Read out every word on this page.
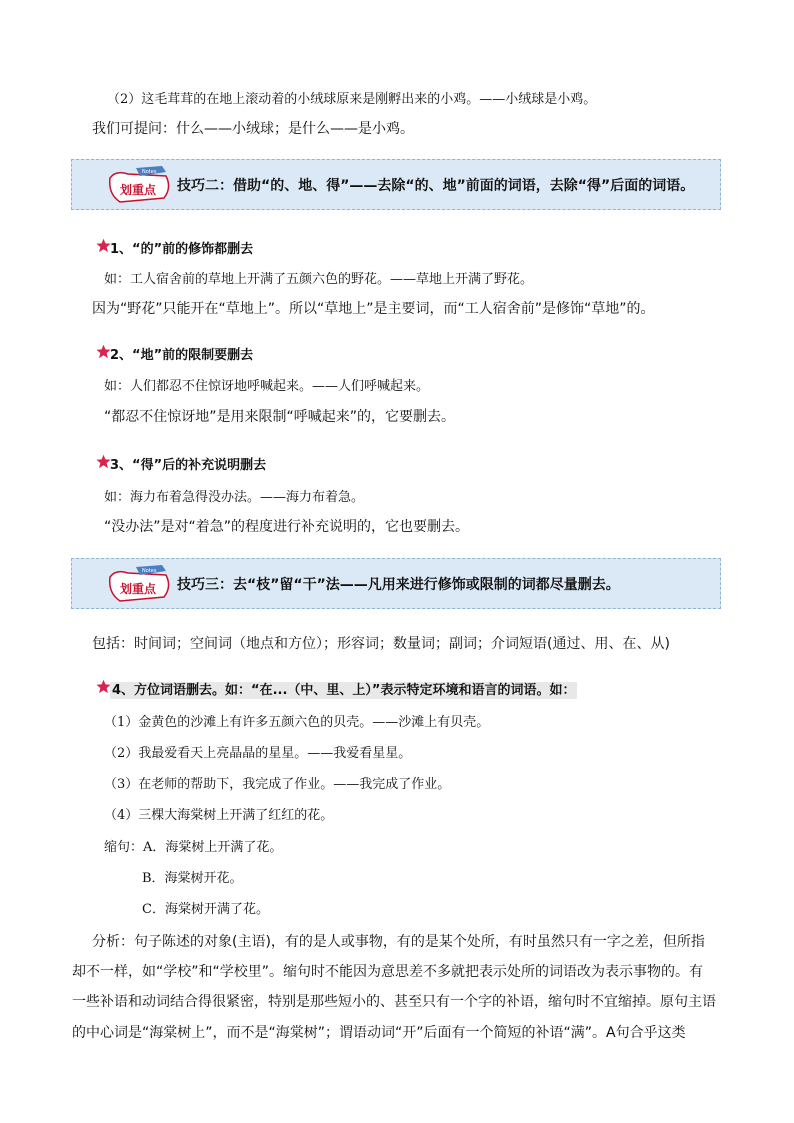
（2）这毛茸茸的在地上滚动着的小绒球原来是刚孵出来的小鸡。——小绒球是小鸡。
我们可提问：什么——小绒球；是什么——是小鸡。
Notes
划重点 技巧二：借助“的、地、得”——去除“的、地”前面的词语，去除“得”后面的词语。
1、“的”前的修饰都删去
如：工人宿舍前的草地上开满了五颜六色的野花。——草地上开满了野花。
因为“野花”只能开在“草地上”。所以“草地上”是主要词，而“工人宿舍前”是修饰“草地”的。
2、“地”前的限制要删去
如：人们都忍不住惊讶地呼喊起来。——人们呼喊起来。
“都忍不住惊讶地”是用来限制“呼喊起来”的，它要删去。
3、“得”后的补充说明删去
如：海力布着急得没办法。——海力布着急。
“没办法”是对“着急”的程度进行补充说明的，它也要删去。
Notes
划重点 技巧三：去“枝”留“干”法——凡用来进行修饰或限制的词都尽量删去。
包括：时间词；空间词（地点和方位）；形容词；数量词；副词；介词短语(通过、用、在、从)
4、方位词语删去。如：“在...（中、里、上）”表示特定环境和语言的词语。如：
（1）金黄色的沙滩上有许多五颜六色的贝壳。——沙滩上有贝壳。
（2）我最爱看天上亮晶晶的星星。——我爱看星星。
（3）在老师的帮助下，我完成了作业。——我完成了作业。
（4）三棵大海棠树上开满了红红的花。
缩句：A．海棠树上开满了花。
B．海棠树开花。
C．海棠树开满了花。
分析：句子陈述的对象(主语)，有的是人或事物，有的是某个处所，有时虽然只有一字之差，但所指
却不一样，如“学校”和“学校里”。缩句时不能因为意思差不多就把表示处所的词语改为表示事物的。有
一些补语和动词结合得很紧密，特别是那些短小的、甚至只有一个字的补语，缩句时不宜缩掉。原句主语
的中心词是“海棠树上”，而不是“海棠树”；谓语动词“开”后面有一个简短的补语“满”。A句合乎这类
